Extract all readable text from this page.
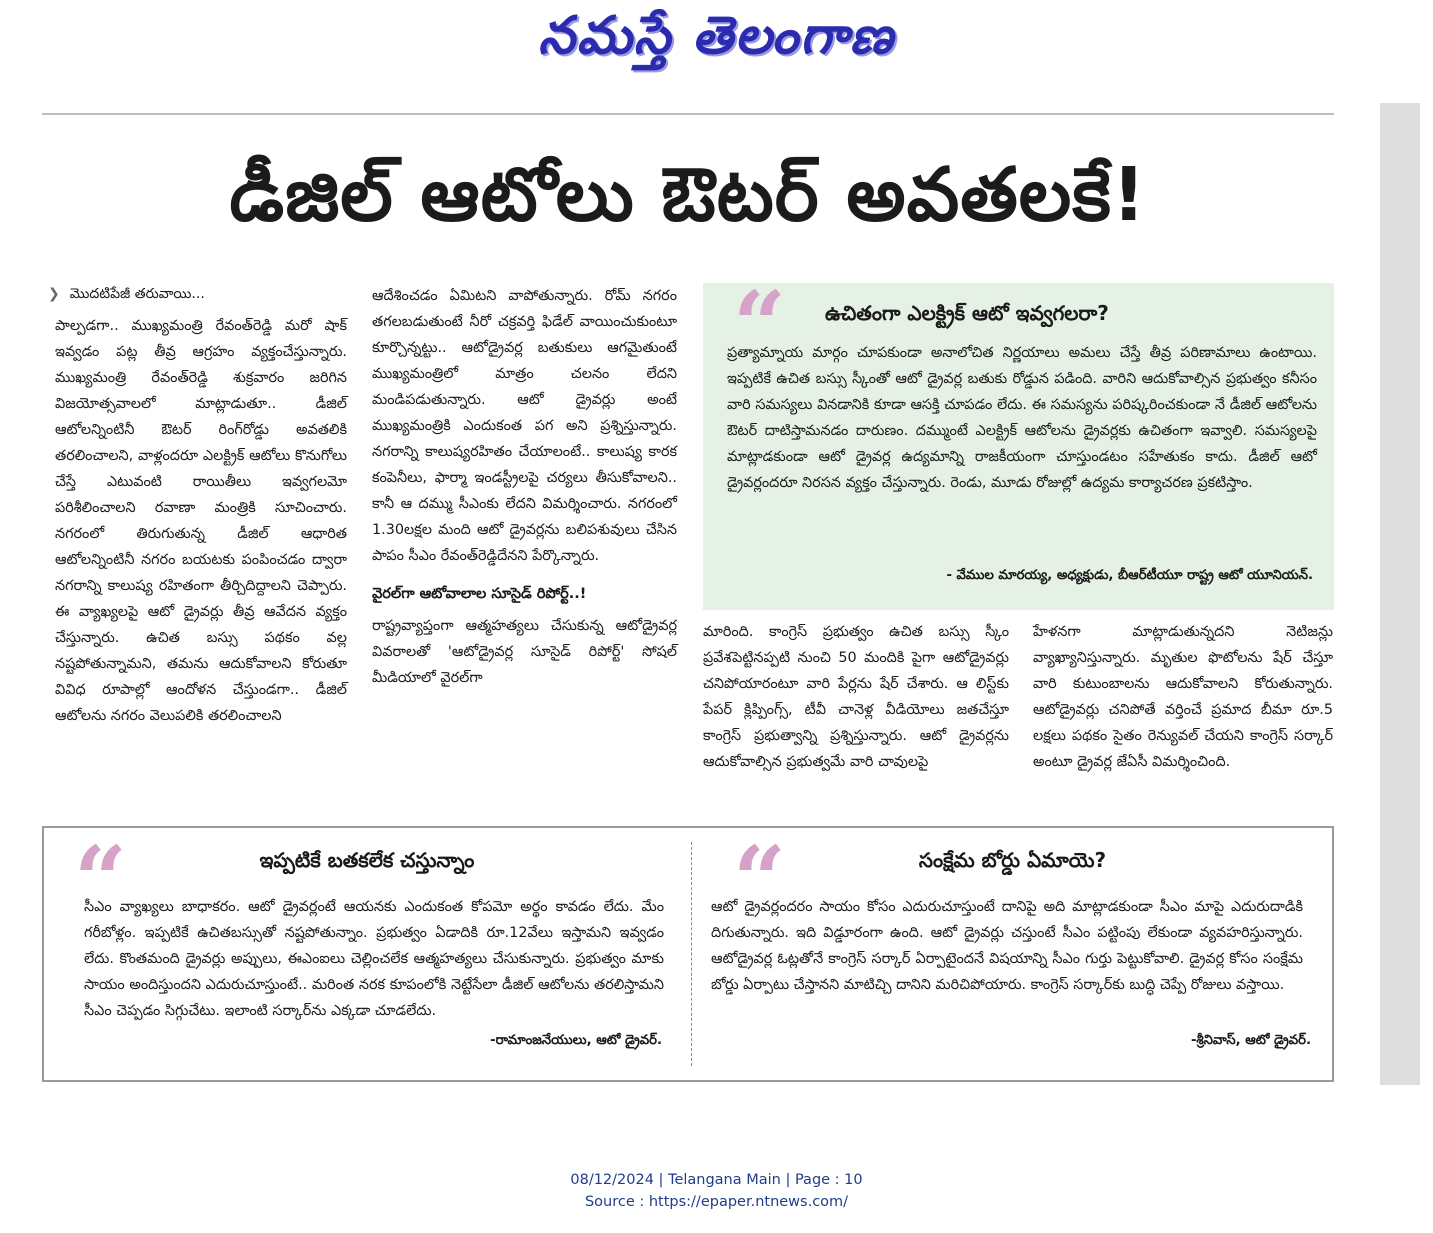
నమస్తే తెలంగాణ
డీజిల్ ఆటోలు ఔటర్ అవతలకే!
❯ మొదటిపేజీ తరువాయి...

పాల్పడగా.. ముఖ్యమంత్రి రేవంత్‌రెడ్డి మరో షాక్ ఇవ్వడం పట్ల తీవ్ర ఆగ్రహం వ్యక్తంచేస్తున్నారు. ముఖ్యమంత్రి రేవంత్‌రెడ్డి శుక్రవారం జరిగిన విజయోత్సవాలలో మాట్లాడుతూ.. డీజిల్ ఆటోలన్నింటినీ ఔటర్ రింగ్‌రోడ్డు అవతలికి తరలించాలని, వాళ్లందరూ ఎలక్ట్రిక్ ఆటోలు కొనుగోలు చేస్తే ఎటువంటి రాయితీలు ఇవ్వగలమో పరిశీలించాలని రవాణా మంత్రికి సూచించారు. నగరంలో తిరుగుతున్న డీజిల్ ఆధారిత ఆటోలన్నింటినీ నగరం బయటకు పంపించడం ద్వారా నగరాన్ని కాలుష్య రహితంగా తీర్చిదిద్దాలని చెప్పారు. ఈ వ్యాఖ్యలపై ఆటో డ్రైవర్లు తీవ్ర ఆవేదన వ్యక్తం చేస్తున్నారు. ఉచిత బస్సు పథకం వల్ల నష్టపోతున్నామని, తమను ఆదుకోవాలని కోరుతూ వివిధ రూపాల్లో ఆందోళన చేస్తుండగా.. డీజిల్ ఆటోలను నగరం వెలుపలికి తరలించాలని

ఆదేశించడం ఏమిటని వాపోతున్నారు. రోమ్ నగరం తగలబడుతుంటే నీరో చక్రవర్తి ఫిడేల్ వాయించుకుంటూ కూర్చొన్నట్టు.. ఆటోడ్రైవర్ల బతుకులు ఆగమైతుంటే ముఖ్యమంత్రిలో మాత్రం చలనం లేదని మండిపడుతున్నారు. ఆటో డ్రైవర్లు అంటే ముఖ్యమంత్రికి ఎందుకంత పగ అని ప్రశ్నిస్తున్నారు. నగరాన్ని కాలుష్యరహితం చేయాలంటే.. కాలుష్య కారక కంపెనీలు, ఫార్మా ఇండస్ట్రీలపై చర్యలు తీసుకోవాలని.. కానీ ఆ దమ్ము సీఎంకు లేదని విమర్శించారు. నగరంలో 1.30లక్షల మంది ఆటో డ్రైవర్లను బలిపశువులు చేసిన పాపం సీఎం రేవంత్‌రెడ్డిదేనని పేర్కొన్నారు.

వైరల్‌గా ఆటోవాలాల సూసైడ్ రిపోర్ట్..!

రాష్ట్రవ్యాప్తంగా ఆత్మహత్యలు చేసుకున్న ఆటోడ్రైవర్ల వివరాలతో 'ఆటోడ్రైవర్ల సూసైడ్ రిపోర్ట్' సోషల్ మీడియాలో వైరల్‌గా

“ ఉచితంగా ఎలక్ట్రిక్ ఆటో ఇవ్వగలరా?
ప్రత్యామ్నాయ మార్గం చూపకుండా అనాలోచిత నిర్ణయాలు అమలు చేస్తే తీవ్ర పరిణామాలు ఉంటాయి. ఇప్పటికే ఉచిత బస్సు స్కీంతో ఆటో డ్రైవర్ల బతుకు రోడ్డున పడింది. వారిని ఆదుకోవాల్సిన ప్రభుత్వం కనీసం వారి సమస్యలు వినడానికి కూడా ఆసక్తి చూపడం లేదు. ఈ సమస్యను పరిష్కరించకుండా నే డీజిల్ ఆటోలను ఔటర్ దాటిస్తామనడం దారుణం. దమ్ముంటే ఎలక్ట్రిక్ ఆటోలను డ్రైవర్లకు ఉచితంగా ఇవ్వాలి. సమస్యలపై మాట్లాడకుండా ఆటో డ్రైవర్ల ఉద్యమాన్ని రాజకీయంగా చూస్తుండటం సహేతుకం కాదు. డీజిల్ ఆటో డ్రైవర్లందరూ నిరసన వ్యక్తం చేస్తున్నారు. రెండు, మూడు రోజుల్లో ఉద్యమ కార్యాచరణ ప్రకటిస్తాం.
- వేముల మారయ్య, అధ్యక్షుడు, బీఆర్‌టీయూ రాష్ట్ర ఆటో యూనియన్.

మారింది. కాంగ్రెస్ ప్రభుత్వం ఉచిత బస్సు స్కీం ప్రవేశపెట్టినప్పటి నుంచి 50 మందికి పైగా ఆటోడ్రైవర్లు చనిపోయారంటూ వారి పేర్లను షేర్ చేశారు. ఆ లిస్ట్‌కు పేపర్ క్లిప్పింగ్స్, టీవీ చానెళ్ల వీడియోలు జతచేస్తూ కాంగ్రెస్ ప్రభుత్వాన్ని ప్రశ్నిస్తున్నారు. ఆటో డ్రైవర్లను ఆదుకోవాల్సిన ప్రభుత్వమే వారి చావులపై

హేళనగా మాట్లాడుతున్నదని నెటిజన్లు వ్యాఖ్యానిస్తున్నారు. మృతుల ఫొటోలను షేర్ చేస్తూ వారి కుటుంబాలను ఆదుకోవాలని కోరుతున్నారు. ఆటోడ్రైవర్లు చనిపోతే వర్తించే ప్రమాద బీమా రూ.5 లక్షలు పథకం సైతం రెన్యువల్ చేయని కాంగ్రెస్ సర్కార్ అంటూ డ్రైవర్ల జేఏసీ విమర్శించింది.

“	ఇప్పటికే బతకలేక చస్తున్నాం
సీఎం వ్యాఖ్యలు బాధాకరం. ఆటో డ్రైవర్లంటే ఆయనకు ఎందుకంత కోపమో అర్థం కావడం లేదు. మేం గరీబోళ్లం. ఇప్పటికే ఉచితబస్సుతో నష్టపోతున్నాం. ప్రభుత్వం ఏడాదికి రూ.12వేలు ఇస్తామని ఇవ్వడం లేదు. కొంతమంది డ్రైవర్లు అప్పులు, ఈఎంఐలు చెల్లించలేక ఆత్మహత్యలు చేసుకున్నారు. ప్రభుత్వం మాకు సాయం అందిస్తుందని ఎదురుచూస్తుంటే.. మరింత నరక కూపంలోకి నెట్టేసేలా డీజిల్ ఆటోలను తరలిస్తామని సీఎం చెప్పడం సిగ్గుచేటు. ఇలాంటి సర్కార్‌ను ఎక్కడా చూడలేదు.
-రామాంజనేయులు, ఆటో డ్రైవర్.
“	సంక్షేమ బోర్డు ఏమాయె?
ఆటో డ్రైవర్లందరం సాయం కోసం ఎదురుచూస్తుంటే దానిపై అది మాట్లాడకుండా సీఎం మాపై ఎదురుదాడికి దిగుతున్నారు. ఇది విడ్డూరంగా ఉంది. ఆటో డ్రైవర్లు చస్తుంటే సీఎం పట్టింపు లేకుండా వ్యవహరిస్తున్నారు. ఆటోడ్రైవర్ల ఓట్లతోనే కాంగ్రెస్ సర్కార్ ఏర్పాటైందనే విషయాన్ని సీఎం గుర్తు పెట్టుకోవాలి. డ్రైవర్ల కోసం సంక్షేమ బోర్డు ఏర్పాటు చేస్తానని మాటిచ్చి దానిని మరిచిపోయారు. కాంగ్రెస్ సర్కార్‌కు బుద్ధి చెప్పే రోజులు వస్తాయి.
-శ్రీనివాస్, ఆటో డ్రైవర్.
08/12/2024 | Telangana Main | Page : 10
Source : https://epaper.ntnews.com/
